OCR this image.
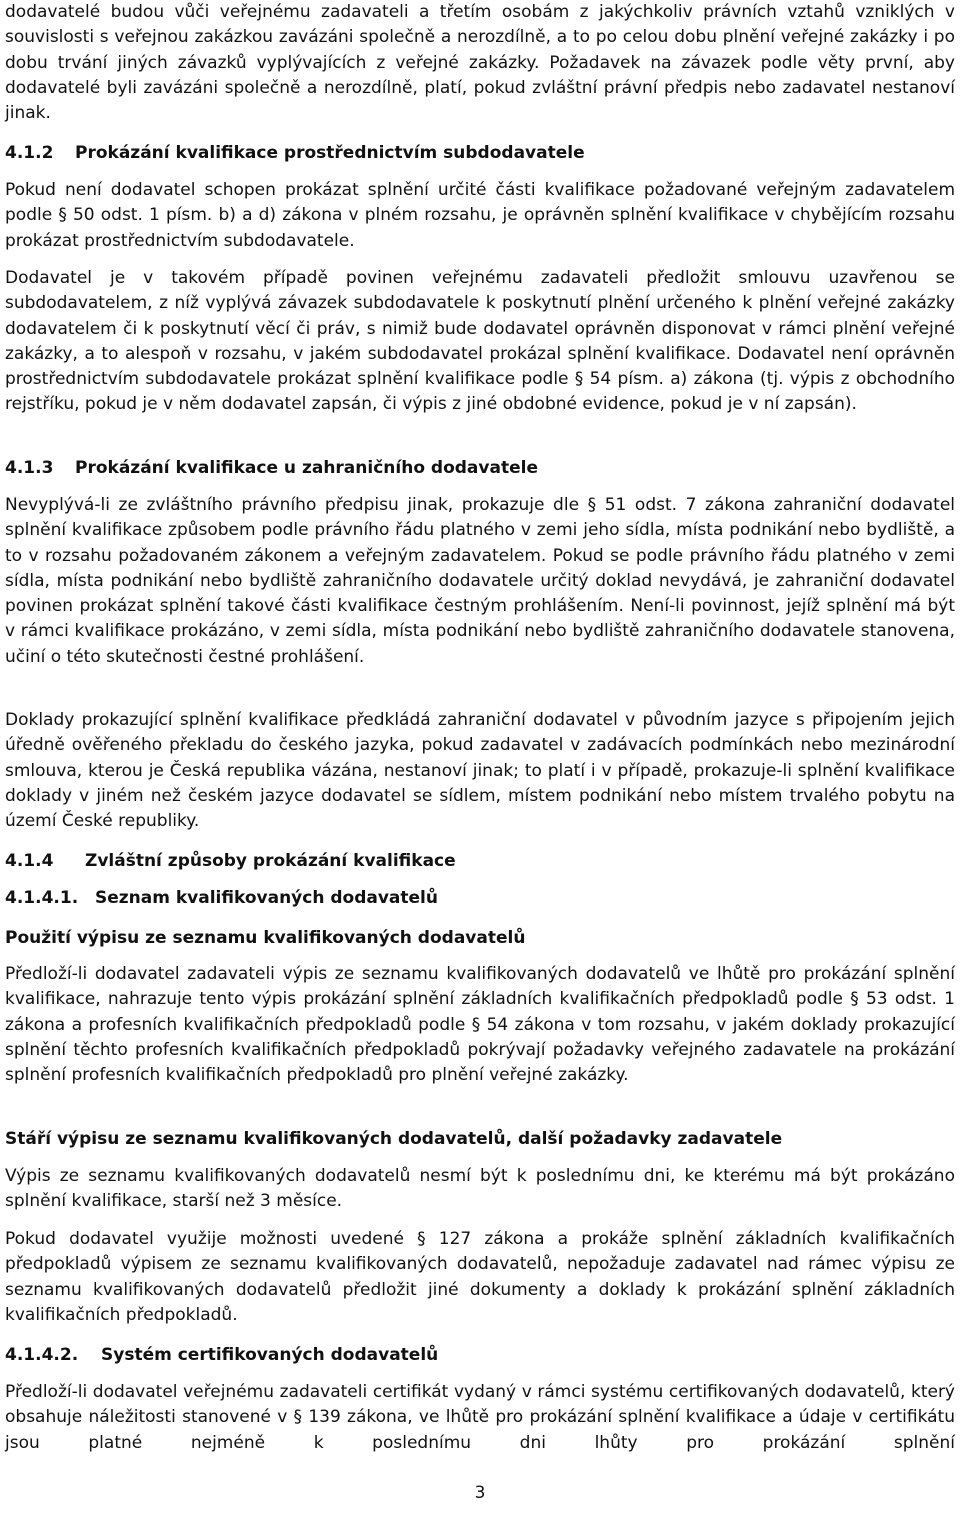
dodavatelé budou vůči veřejnému zadavateli a třetím osobám z jakýchkoliv právních vztahů vzniklých v souvislosti s veřejnou zakázkou zavázáni společně a nerozdílně, a to po celou dobu plnění veřejné zakázky i po dobu trvání jiných závazků vyplývajících z veřejné zakázky. Požadavek na závazek podle věty první, aby dodavatelé byli zavázáni společně a nerozdílně, platí, pokud zvláštní právní předpis nebo zadavatel nestanoví jinak.

4.1.2 Prokázání kvalifikace prostřednictvím subdodavatele

Pokud není dodavatel schopen prokázat splnění určité části kvalifikace požadované veřejným zadavatelem podle § 50 odst. 1 písm. b) a d) zákona v plném rozsahu, je oprávněn splnění kvalifikace v chybějícím rozsahu prokázat prostřednictvím subdodavatele.

Dodavatel je v takovém případě povinen veřejnému zadavateli předložit smlouvu uzavřenou se subdodavatelem, z níž vyplývá závazek subdodavatele k poskytnutí plnění určeného k plnění veřejné zakázky dodavatelem či k poskytnutí věcí či práv, s nimiž bude dodavatel oprávněn disponovat v rámci plnění veřejné zakázky, a to alespoň v rozsahu, v jakém subdodavatel prokázal splnění kvalifikace. Dodavatel není oprávněn prostřednictvím subdodavatele prokázat splnění kvalifikace podle § 54 písm. a) zákona (tj. výpis z obchodního rejstříku, pokud je v něm dodavatel zapsán, či výpis z jiné obdobné evidence, pokud je v ní zapsán).

4.1.3 Prokázání kvalifikace u zahraničního dodavatele

Nevyplývá-li ze zvláštního právního předpisu jinak, prokazuje dle § 51 odst. 7 zákona zahraniční dodavatel splnění kvalifikace způsobem podle právního řádu platného v zemi jeho sídla, místa podnikání nebo bydliště, a to v rozsahu požadovaném zákonem a veřejným zadavatelem. Pokud se podle právního řádu platného v zemi sídla, místa podnikání nebo bydliště zahraničního dodavatele určitý doklad nevydává, je zahraniční dodavatel povinen prokázat splnění takové části kvalifikace čestným prohlášením. Není-li povinnost, jejíž splnění má být v rámci kvalifikace prokázáno, v zemi sídla, místa podnikání nebo bydliště zahraničního dodavatele stanovena, učiní o této skutečnosti čestné prohlášení.

Doklady prokazující splnění kvalifikace předkládá zahraniční dodavatel v původním jazyce s připojením jejich úředně ověřeného překladu do českého jazyka, pokud zadavatel v zadávacích podmínkách nebo mezinárodní smlouva, kterou je Česká republika vázána, nestanoví jinak; to platí i v případě, prokazuje-li splnění kvalifikace doklady v jiném než českém jazyce dodavatel se sídlem, místem podnikání nebo místem trvalého pobytu na území České republiky.

4.1.4 Zvláštní způsoby prokázání kvalifikace
4.1.4.1. Seznam kvalifikovaných dodavatelů
Použití výpisu ze seznamu kvalifikovaných dodavatelů

Předloží-li dodavatel zadavateli výpis ze seznamu kvalifikovaných dodavatelů ve lhůtě pro prokázání splnění kvalifikace, nahrazuje tento výpis prokázání splnění základních kvalifikačních předpokladů podle § 53 odst. 1 zákona a profesních kvalifikačních předpokladů podle § 54 zákona v tom rozsahu, v jakém doklady prokazující splnění těchto profesních kvalifikačních předpokladů pokrývají požadavky veřejného zadavatele na prokázání splnění profesních kvalifikačních předpokladů pro plnění veřejné zakázky.

Stáří výpisu ze seznamu kvalifikovaných dodavatelů, další požadavky zadavatele

Výpis ze seznamu kvalifikovaných dodavatelů nesmí být k poslednímu dni, ke kterému má být prokázáno splnění kvalifikace, starší než 3 měsíce.

Pokud dodavatel využije možnosti uvedené § 127 zákona a prokáže splnění základních kvalifikačních předpokladů výpisem ze seznamu kvalifikovaných dodavatelů, nepožaduje zadavatel nad rámec výpisu ze seznamu kvalifikovaných dodavatelů předložit jiné dokumenty a doklady k prokázání splnění základních kvalifikačních předpokladů.

4.1.4.2. Systém certifikovaných dodavatelů

Předloží-li dodavatel veřejnému zadavateli certifikát vydaný v rámci systému certifikovaných dodavatelů, který obsahuje náležitosti stanovené v § 139 zákona, ve lhůtě pro prokázání splnění kvalifikace a údaje v certifikátu jsou platné nejméně k poslednímu dni lhůty pro prokázání splnění

3
